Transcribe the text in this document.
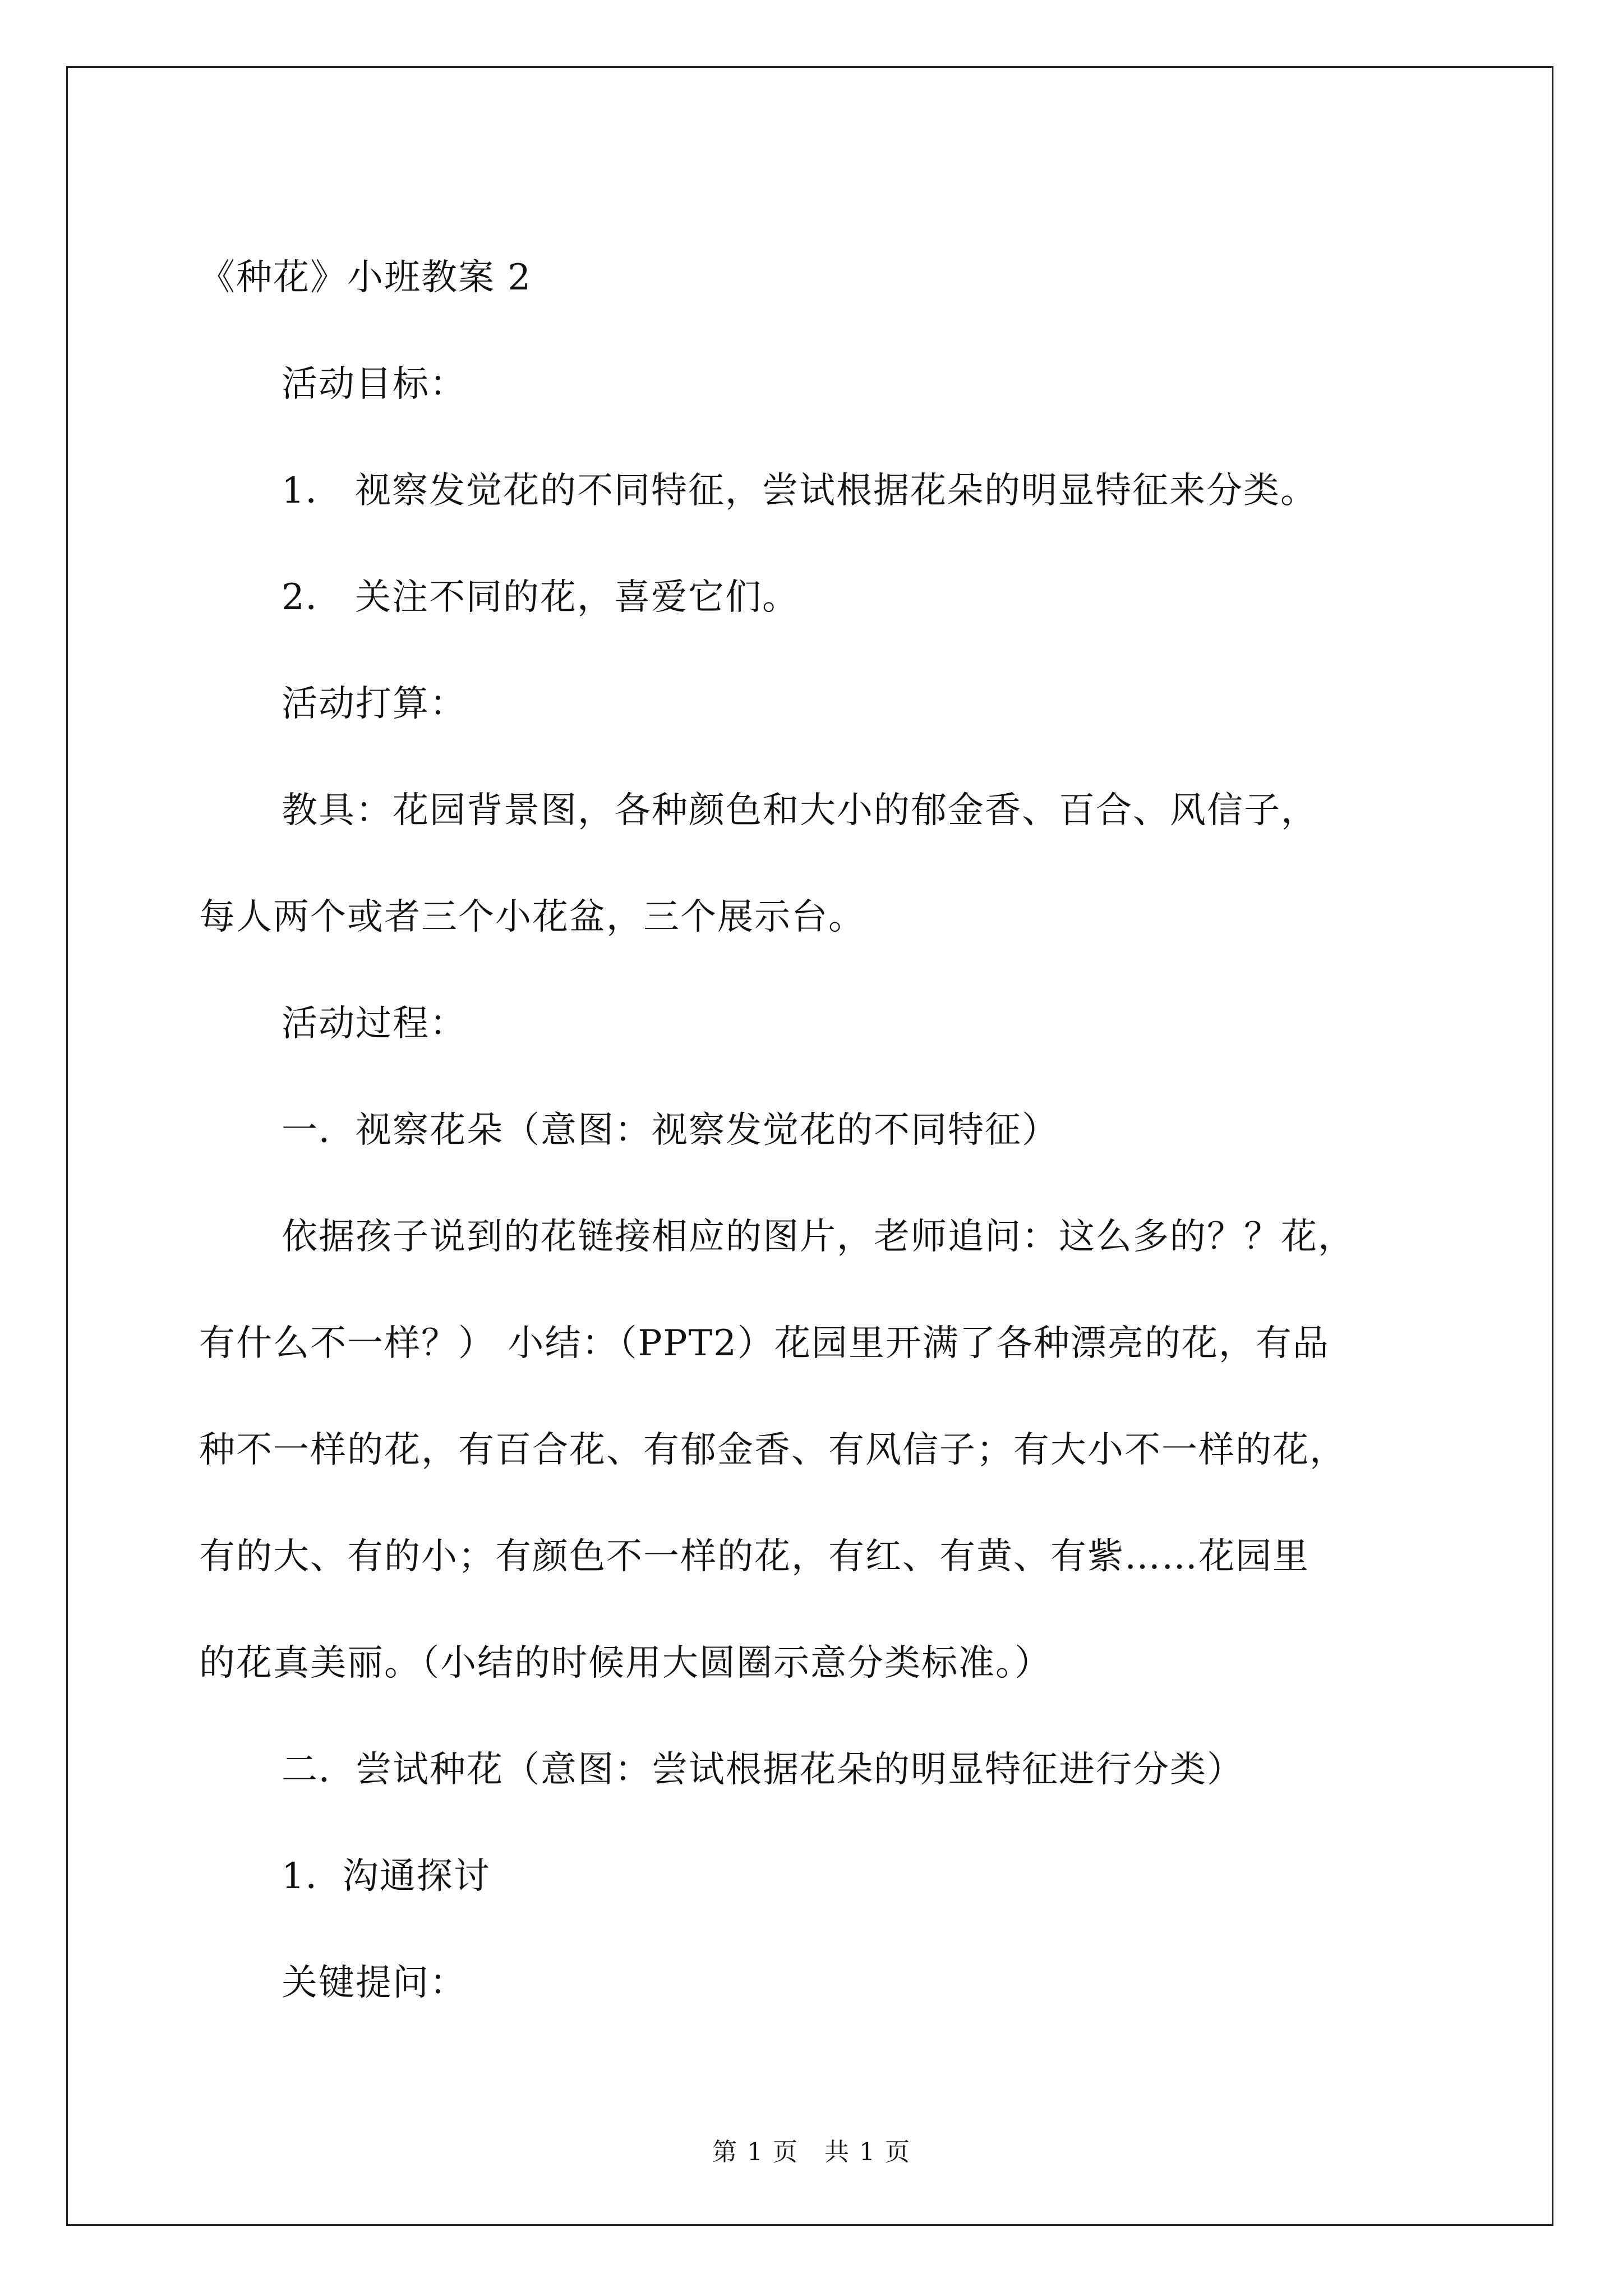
《种花》小班教案 2
活动目标：
1． 视察发觉花的不同特征，尝试根据花朵的明显特征来分类。
2． 关注不同的花，喜爱它们。
活动打算：
教具：花园背景图，各种颜色和大小的郁金香、百合、风信子，
每人两个或者三个小花盆，三个展示台。
活动过程：
一．视察花朵（意图：视察发觉花的不同特征）
依据孩子说到的花链接相应的图片，老师追问：这么多的？？花，
有什么不一样？） 小结：（PPT2）花园里开满了各种漂亮的花，有品
种不一样的花，有百合花、有郁金香、有风信子；有大小不一样的花，
有的大、有的小；有颜色不一样的花，有红、有黄、有紫……花园里
的花真美丽。（小结的时候用大圆圈示意分类标准。）
二．尝试种花（意图：尝试根据花朵的明显特征进行分类）
1．沟通探讨
关键提问：
第 1 页　共 1 页
